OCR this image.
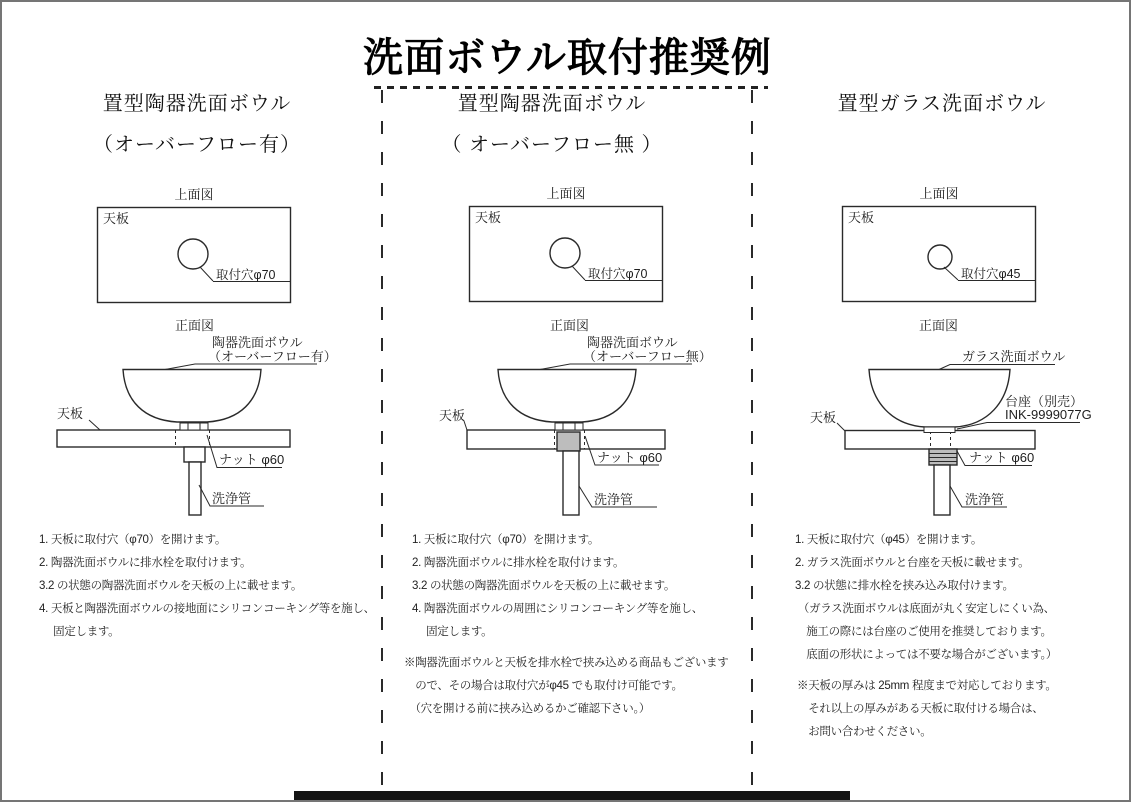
洗面ボウル取付推奨例
置型陶器洗面ボウル
（オーバーフロー有）
上面図
天板
取付穴φ70
正面図
陶器洗面ボウル
（オーバーフロー有）
天板
ナット φ60
洗浄管
1. 天板に取付穴（φ70）を開けます。
2. 陶器洗面ボウルに排水栓を取付けます。
3.2 の状態の陶器洗面ボウルを天板の上に載せます。
4. 天板と陶器洗面ボウルの接地面にシリコンコーキング等を施し、
　 固定します。
置型陶器洗面ボウル
（ オーバーフロー無 ）
上面図
天板
取付穴φ70
正面図
陶器洗面ボウル
（オーバーフロー無）
天板
ナット φ60
洗浄管
1. 天板に取付穴（φ70）を開けます。
2. 陶器洗面ボウルに排水栓を取付けます。
3.2 の状態の陶器洗面ボウルを天板の上に載せます。
4. 陶器洗面ボウルの周囲にシリコンコーキング等を施し、
　 固定します。
※陶器洗面ボウルと天板を排水栓で挟み込める商品もございます
　ので、その場合は取付穴がφ45 でも取付け可能です。
　（穴を開ける前に挟み込めるかご確認下さい。）
置型ガラス洗面ボウル
上面図
天板
取付穴φ45
正面図
ガラス洗面ボウル
台座（別売）
INK-9999077G
天板
ナット φ60
洗浄管
1. 天板に取付穴（φ45）を開けます。
2. ガラス洗面ボウルと台座を天板に載せます。
3.2 の状態に排水栓を挟み込み取付けます。
（ガラス洗面ボウルは底面が丸く安定しにくい為、
　施工の際には台座のご使用を推奨しております。
　底面の形状によっては不要な場合がございます。）
※天板の厚みは 25mm 程度まで対応しております。
　それ以上の厚みがある天板に取付ける場合は、
　お問い合わせください。
